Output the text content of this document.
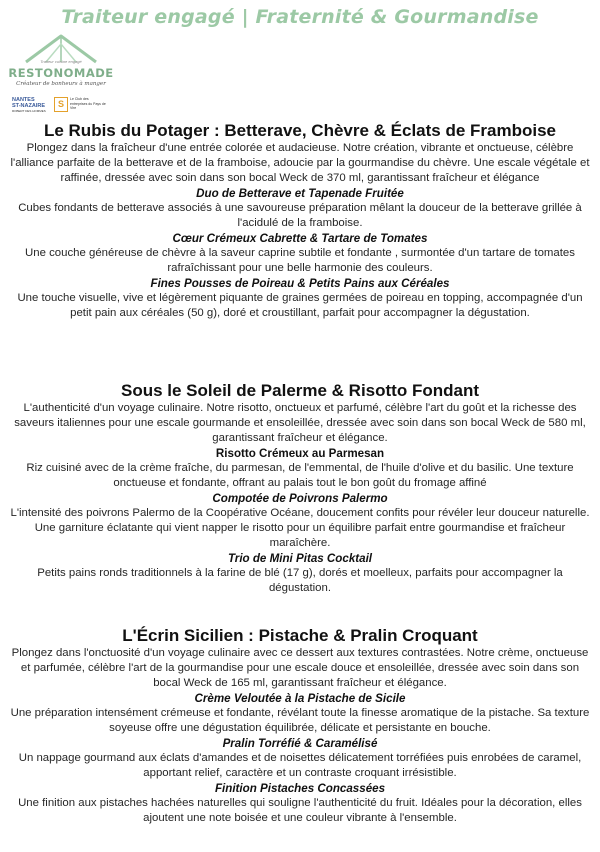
Traiteur engagé | Fraternité & Gourmandise
Traiteur cuisine engagé
RESTONOMADE
Créateur de bonheurs à manger
NANTES
ST-NAZAIRE
ROBERT DES HOMMES
S	Le Club des entreprises du Pays de Vire
Le Rubis du Potager : Betterave, Chèvre & Éclats de Framboise

Plongez dans la fraîcheur d'une entrée colorée et audacieuse. Notre création, vibrante et onctueuse, célèbre l'alliance parfaite de la betterave et de la framboise, adoucie par la gourmandise du chèvre. Une escale végétale et raffinée, dressée avec soin dans son bocal Weck de 370 ml, garantissant fraîcheur et élégance

Duo de Betterave et Tapenade Fruitée

Cubes fondants de betterave associés à une savoureuse préparation mêlant la douceur de la betterave grillée à l'acidulé de la framboise.

Cœur Crémeux Cabrette & Tartare de Tomates

Une couche généreuse de chèvre à la saveur caprine subtile et fondante , surmontée d'un tartare de tomates rafraîchissant pour une belle harmonie des couleurs.

Fines Pousses de Poireau & Petits Pains aux Céréales

Une touche visuelle, vive et légèrement piquante de graines germées de poireau en topping, accompagnée d'un petit pain aux céréales (50 g), doré et croustillant, parfait pour accompagner la dégustation.

Sous le Soleil de Palerme & Risotto Fondant

L'authenticité d'un voyage culinaire. Notre risotto, onctueux et parfumé, célèbre l'art du goût et la richesse des saveurs italiennes pour une escale gourmande et ensoleillée, dressée avec soin dans son bocal Weck de 580 ml, garantissant fraîcheur et élégance.

Risotto Crémeux au Parmesan

Riz cuisiné avec de la crème fraîche, du parmesan, de l'emmental, de l'huile d'olive et du basilic. Une texture onctueuse et fondante, offrant au palais tout le bon goût du fromage affiné

Compotée de Poivrons Palermo

L'intensité des poivrons Palermo de la Coopérative Océane, doucement confits pour révéler leur douceur naturelle. Une garniture éclatante qui vient napper le risotto pour un équilibre parfait entre gourmandise et fraîcheur maraîchère.

Trio de Mini Pitas Cocktail

Petits pains ronds traditionnels à la farine de blé (17 g), dorés et moelleux, parfaits pour accompagner la dégustation.

L'Écrin Sicilien : Pistache & Pralin Croquant

Plongez dans l'onctuosité d'un voyage culinaire avec ce dessert aux textures contrastées. Notre crème, onctueuse et parfumée, célèbre l'art de la gourmandise pour une escale douce et ensoleillée, dressée avec soin dans son bocal Weck de 165 ml, garantissant fraîcheur et élégance.

Crème Veloutée à la Pistache de Sicile

Une préparation intensément crémeuse et fondante, révélant toute la finesse aromatique de la pistache. Sa texture soyeuse offre une dégustation équilibrée, délicate et persistante en bouche.

Pralin Torréfié & Caramélisé

Un nappage gourmand aux éclats d'amandes et de noisettes délicatement torréfiées puis enrobées de caramel, apportant relief, caractère et un contraste croquant irrésistible.

Finition Pistaches Concassées

Une finition aux pistaches hachées naturelles qui souligne l'authenticité du fruit. Idéales pour la décoration, elles ajoutent une note boisée et une couleur vibrante à l'ensemble.
